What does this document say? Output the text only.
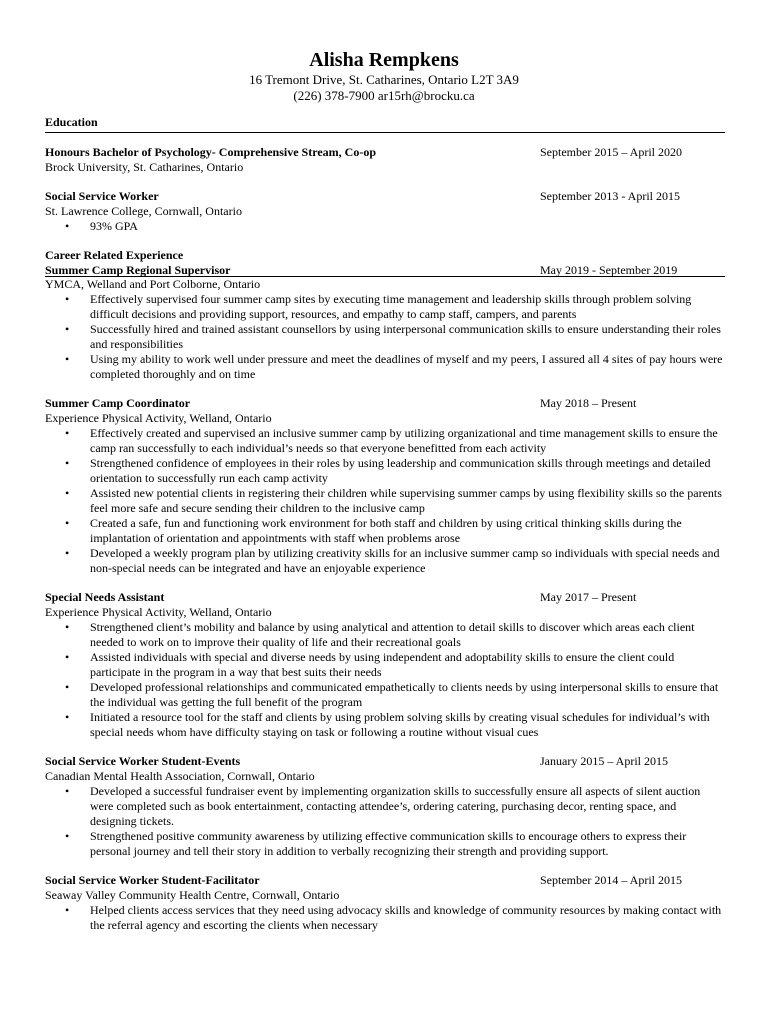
Alisha Rempkens
16 Tremont Drive, St. Catharines, Ontario L2T 3A9
(226) 378-7900 ar15rh@brocku.ca
Education
Honours Bachelor of Psychology- Comprehensive Stream, Co-op	September 2015 – April 2020
Brock University, St. Catharines, Ontario
Social Service Worker	September 2013 - April 2015
St. Lawrence College, Cornwall, Ontario
• 93% GPA
Career Related Experience
Summer Camp Regional Supervisor	May 2019 - September 2019
YMCA, Welland and Port Colborne, Ontario
• Effectively supervised four summer camp sites by executing time management and leadership skills through problem solving difficult decisions and providing support, resources, and empathy to camp staff, campers, and parents
• Successfully hired and trained assistant counsellors by using interpersonal communication skills to ensure understanding their roles and responsibilities
• Using my ability to work well under pressure and meet the deadlines of myself and my peers, I assured all 4 sites of pay hours were completed thoroughly and on time
Summer Camp Coordinator	May 2018 – Present
Experience Physical Activity, Welland, Ontario
• Effectively created and supervised an inclusive summer camp by utilizing organizational and time management skills to ensure the camp ran successfully to each individual’s needs so that everyone benefitted from each activity
• Strengthened confidence of employees in their roles by using leadership and communication skills through meetings and detailed orientation to successfully run each camp activity
• Assisted new potential clients in registering their children while supervising summer camps by using flexibility skills so the parents feel more safe and secure sending their children to the inclusive camp
• Created a safe, fun and functioning work environment for both staff and children by using critical thinking skills during the implantation of orientation and appointments with staff when problems arose
• Developed a weekly program plan by utilizing creativity skills for an inclusive summer camp so individuals with special needs and non-special needs can be integrated and have an enjoyable experience
Special Needs Assistant	May 2017 – Present
Experience Physical Activity, Welland, Ontario
• Strengthened client’s mobility and balance by using analytical and attention to detail skills to discover which areas each client needed to work on to improve their quality of life and their recreational goals
• Assisted individuals with special and diverse needs by using independent and adoptability skills to ensure the client could participate in the program in a way that best suits their needs
• Developed professional relationships and communicated empathetically to clients needs by using interpersonal skills to ensure that the individual was getting the full benefit of the program
• Initiated a resource tool for the staff and clients by using problem solving skills by creating visual schedules for individual’s with special needs whom have difficulty staying on task or following a routine without visual cues
Social Service Worker Student-Events	January 2015 – April 2015
Canadian Mental Health Association, Cornwall, Ontario
• Developed a successful fundraiser event by implementing organization skills to successfully ensure all aspects of silent auction were completed such as book entertainment, contacting attendee’s, ordering catering, purchasing decor, renting space, and designing tickets.
• Strengthened positive community awareness by utilizing effective communication skills to encourage others to express their personal journey and tell their story in addition to verbally recognizing their strength and providing support.
Social Service Worker Student-Facilitator	September 2014 – April 2015
Seaway Valley Community Health Centre, Cornwall, Ontario
• Helped clients access services that they need using advocacy skills and knowledge of community resources by making contact with the referral agency and escorting the clients when necessary
